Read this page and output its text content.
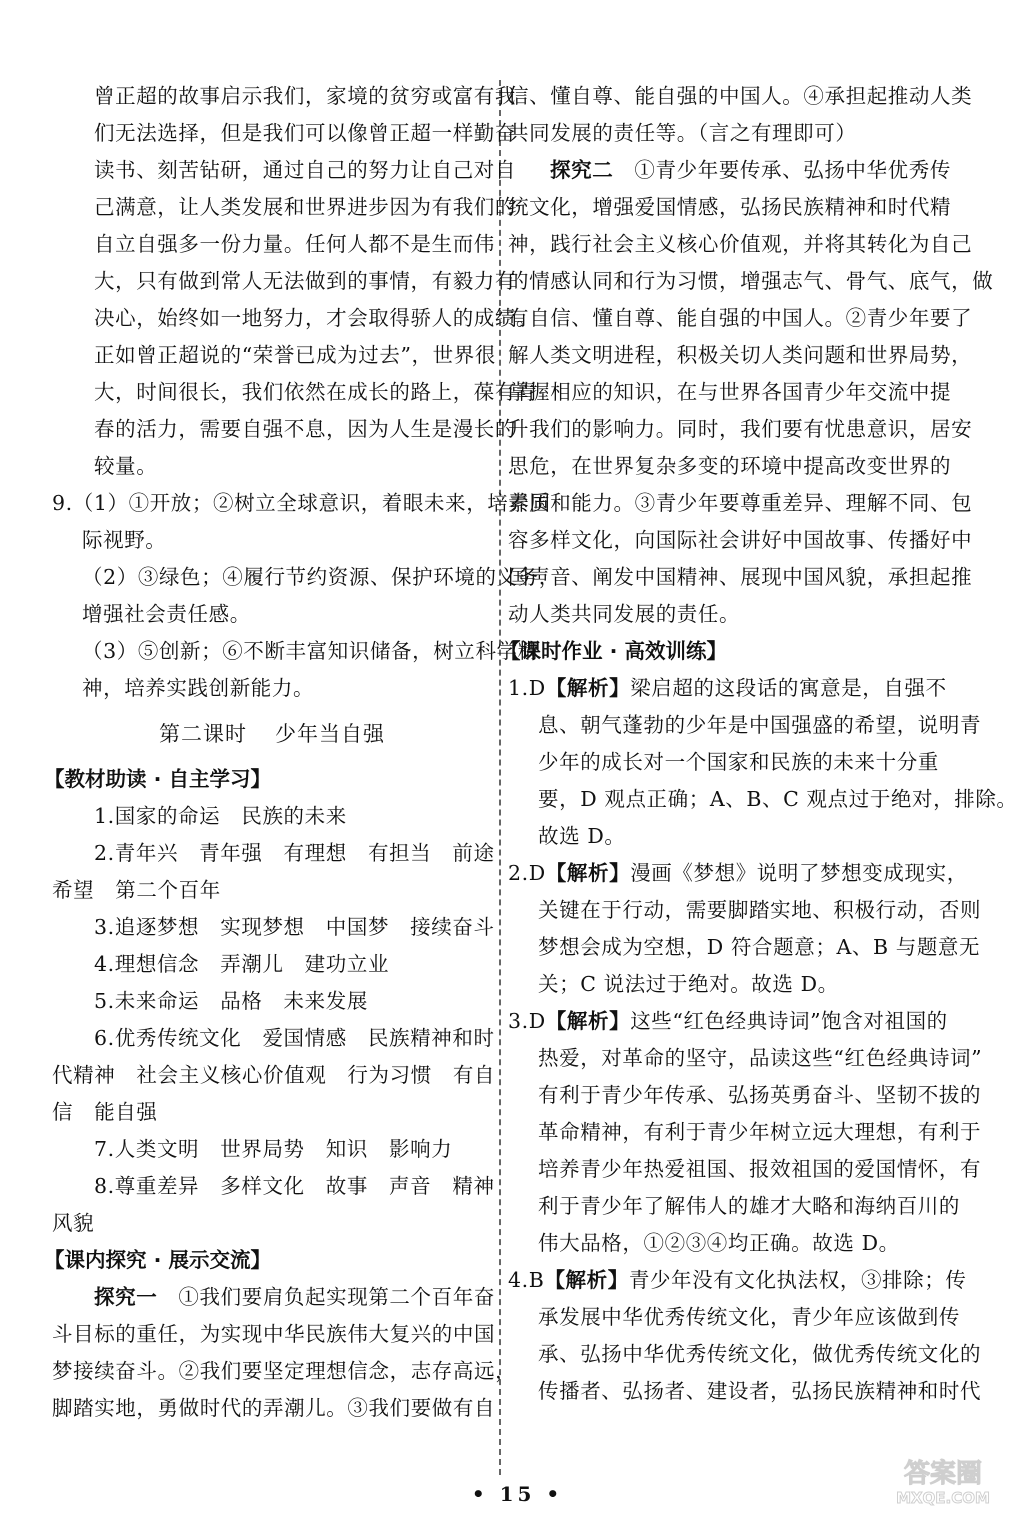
曾正超的故事启示我们，家境的贫穷或富有我
们无法选择，但是我们可以像曾正超一样勤奋
读书、刻苦钻研，通过自己的努力让自己对自
己满意，让人类发展和世界进步因为有我们的
自立自强多一份力量。任何人都不是生而伟
大，只有做到常人无法做到的事情，有毅力有
决心，始终如一地努力，才会取得骄人的成绩。
正如曾正超说的“荣誉已成为过去”，世界很
大，时间很长，我们依然在成长的路上，葆有青
春的活力，需要自强不息，因为人生是漫长的
较量。
9.（1）①开放；②树立全球意识，着眼未来，培养国
际视野。
（2）③绿色；④履行节约资源、保护环境的义务，
增强社会责任感。
（3）⑤创新；⑥不断丰富知识储备，树立科学精
神，培养实践创新能力。
第二课时 少年当自强
【教材助读 · 自主学习】
1.国家的命运　民族的未来
2.青年兴　青年强　有理想　有担当　前途
希望　第二个百年
3.追逐梦想　实现梦想　中国梦　接续奋斗
4.理想信念　弄潮儿　建功立业
5.未来命运　品格　未来发展
6.优秀传统文化　爱国情感　民族精神和时
代精神　社会主义核心价值观　行为习惯　有自
信　能自强
7.人类文明　世界局势　知识　影响力
8.尊重差异　多样文化　故事　声音　精神
风貌
【课内探究 · 展示交流】
探究一　 ①我们要肩负起实现第二个百年奋
斗目标的重任，为实现中华民族伟大复兴的中国
梦接续奋斗。②我们要坚定理想信念，志存高远，
脚踏实地，勇做时代的弄潮儿。③我们要做有自
信、懂自尊、能自强的中国人。④承担起推动人类
共同发展的责任等。（言之有理即可）
探究二　 ①青少年要传承、弘扬中华优秀传
统文化，增强爱国情感，弘扬民族精神和时代精
神，践行社会主义核心价值观，并将其转化为自己
的情感认同和行为习惯，增强志气、骨气、底气，做
有自信、懂自尊、能自强的中国人。②青少年要了
解人类文明进程，积极关切人类问题和世界局势，
掌握相应的知识，在与世界各国青少年交流中提
升我们的影响力。同时，我们要有忧患意识，居安
思危，在世界复杂多变的环境中提高改变世界的
素质和能力。③青少年要尊重差异、理解不同、包
容多样文化，向国际社会讲好中国故事、传播好中
国声音、阐发中国精神、展现中国风貌，承担起推
动人类共同发展的责任。
【课时作业 · 高效训练】
1.D【解析】梁启超的这段话的寓意是，自强不
息、朝气蓬勃的少年是中国强盛的希望，说明青
少年的成长对一个国家和民族的未来十分重
要，D 观点正确；A、B、C 观点过于绝对，排除。
故选 D。
2.D【解析】漫画《梦想》说明了梦想变成现实，
关键在于行动，需要脚踏实地、积极行动，否则
梦想会成为空想，D 符合题意；A、B 与题意无
关；C 说法过于绝对。故选 D。
3.D【解析】这些“红色经典诗词”饱含对祖国的
热爱，对革命的坚守，品读这些“红色经典诗词”
有利于青少年传承、弘扬英勇奋斗、坚韧不拔的
革命精神，有利于青少年树立远大理想，有利于
培养青少年热爱祖国、报效祖国的爱国情怀，有
利于青少年了解伟人的雄才大略和海纳百川的
伟大品格，①②③④均正确。故选 D。
4.B【解析】青少年没有文化执法权，③排除；传
承发展中华优秀传统文化，青少年应该做到传
承、弘扬中华优秀传统文化，做优秀传统文化的
传播者、弘扬者、建设者，弘扬民族精神和时代
• 15 •
答案圈
MXQE.COM
